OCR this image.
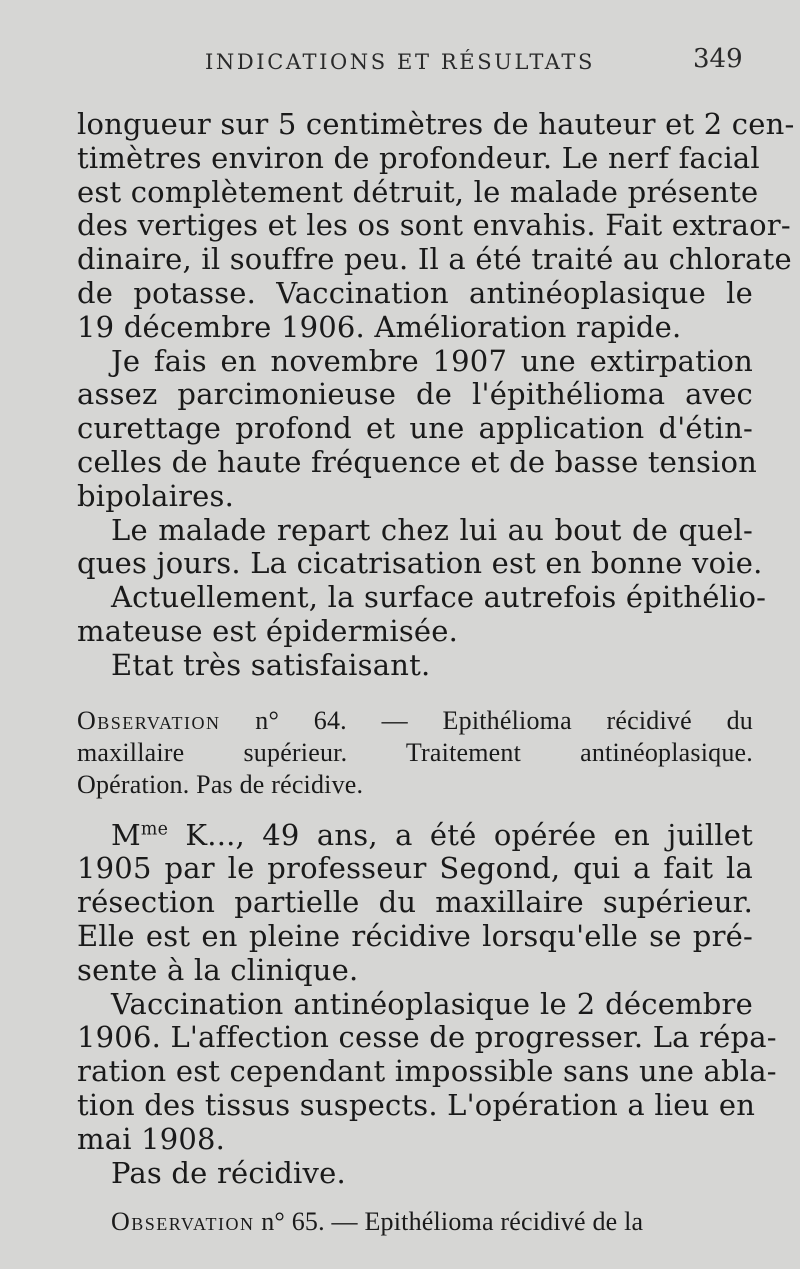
INDICATIONS ET RÉSULTATS	349
longueur sur 5 centimètres de hauteur et 2 cen-
timètres environ de profondeur. Le nerf facial
est complètement détruit, le malade présente
des vertiges et les os sont envahis. Fait extraor-
dinaire, il souffre peu. Il a été traité au chlorate
de potasse. Vaccination antinéoplasique le
19 décembre 1906. Amélioration rapide.
Je fais en novembre 1907 une extirpation
assez parcimonieuse de l'épithélioma avec
curettage profond et une application d'étin-
celles de haute fréquence et de basse tension
bipolaires.
Le malade repart chez lui au bout de quel-
ques jours. La cicatrisation est en bonne voie.
Actuellement, la surface autrefois épithélio-
mateuse est épidermisée.
Etat très satisfaisant.
Observation n° 64. — Epithélioma récidivé du
maxillaire supérieur. Traitement antinéoplasique.
Opération. Pas de récidive.
$M^{me}$ K..., 49 ans, a été opérée en juillet
1905 par le professeur Segond, qui a fait la
résection partielle du maxillaire supérieur.
Elle est en pleine récidive lorsqu'elle se pré-
sente à la clinique.
Vaccination antinéoplasique le 2 décembre
1906. L'affection cesse de progresser. La répa-
ration est cependant impossible sans une abla-
tion des tissus suspects. L'opération a lieu en
mai 1908.
Pas de récidive.
Observation n° 65. — Epithélioma récidivé de la
